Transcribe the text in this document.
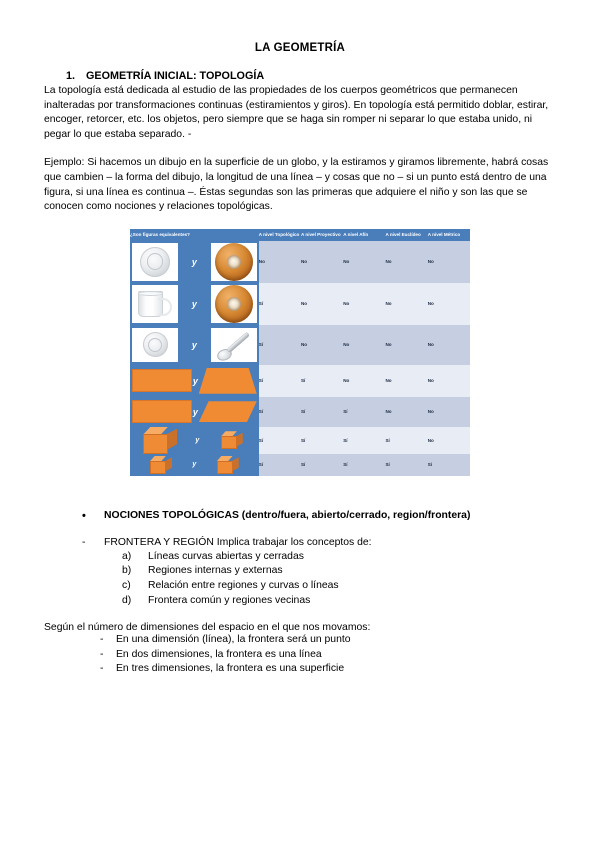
LA GEOMETRÍA
1. GEOMETRÍA INICIAL: TOPOLOGÍA

La topología está dedicada al estudio de las propiedades de los cuerpos geométricos que permanecen inalteradas por transformaciones continuas (estiramientos y giros). En topología está permitido doblar, estirar, encoger, retorcer, etc. los objetos, pero siempre que se haga sin romper ni separar lo que estaba unido, ni pegar lo que estaba separado. -

Ejemplo: Si hacemos un dibujo en la superficie de un globo, y la estiramos y giramos libremente, habrá cosas que cambien – la forma del dibujo, la longitud de una línea – y cosas que no – si un punto está dentro de una figura, si una línea es continua –. Éstas segundas son las primeras que adquiere el niño y son las que se conocen como nociones y relaciones topológicas.

¿Son figuras equivalentes?	A nivel Topológico	A nivel Proyectivo	A nivel Afín	A nivel Euclídeo	A nivel Métrico

y	No	No	No	No	No

y	Sí	No	No	No	No

y	Sí	No	No	No	No

y	Sí	Sí	No	No	No

y	Sí	Sí	Sí	No	No

y	Sí	Sí	Sí	Sí	No

y	Sí	Sí	Sí	Sí	Sí
• NOCIONES TOPOLÓGICAS (dentro/fuera, abierto/cerrado, region/frontera)
- FRONTERA Y REGIÓN Implica trabajar los conceptos de:
a) Líneas curvas abiertas y cerradas
b) Regiones internas y externas
c) Relación entre regiones y curvas o líneas
d) Frontera común y regiones vecinas

Según el número de dimensiones del espacio en el que nos movamos:

- En una dimensión (línea), la frontera será un punto
- En dos dimensiones, la frontera es una línea
- En tres dimensiones, la frontera es una superficie
